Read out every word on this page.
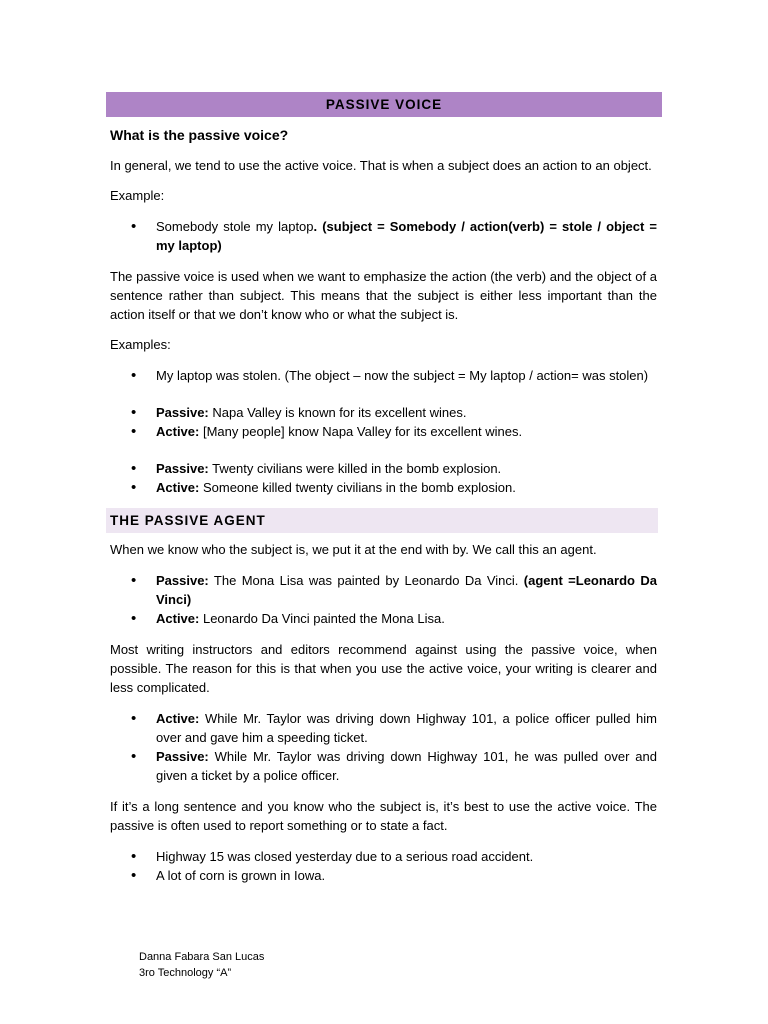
PASSIVE VOICE
What is the passive voice?

In general, we tend to use the active voice. That is when a subject does an action to an object.

Example:

• Somebody stole my laptop. (subject = Somebody / action(verb) = stole / object = my laptop)

The passive voice is used when we want to emphasize the action (the verb) and the object of a sentence rather than subject. This means that the subject is either less important than the action itself or that we don’t know who or what the subject is.

Examples:

• My laptop was stolen. (The object – now the subject = My laptop / action= was stolen)
• Passive: Napa Valley is known for its excellent wines.
• Active: [Many people] know Napa Valley for its excellent wines.
• Passive: Twenty civilians were killed in the bomb explosion.
• Active: Someone killed twenty civilians in the bomb explosion.
THE PASSIVE AGENT

When we know who the subject is, we put it at the end with by. We call this an agent.

• Passive: The Mona Lisa was painted by Leonardo Da Vinci. (agent =Leonardo Da Vinci)
• Active: Leonardo Da Vinci painted the Mona Lisa.

Most writing instructors and editors recommend against using the passive voice, when possible. The reason for this is that when you use the active voice, your writing is clearer and less complicated.

• Active: While Mr. Taylor was driving down Highway 101, a police officer pulled him over and gave him a speeding ticket.
• Passive: While Mr. Taylor was driving down Highway 101, he was pulled over and given a ticket by a police officer.

If it’s a long sentence and you know who the subject is, it’s best to use the active voice. The passive is often used to report something or to state a fact.

• Highway 15 was closed yesterday due to a serious road accident.
• A lot of corn is grown in Iowa.
Danna Fabara San Lucas
3ro Technology “A”
